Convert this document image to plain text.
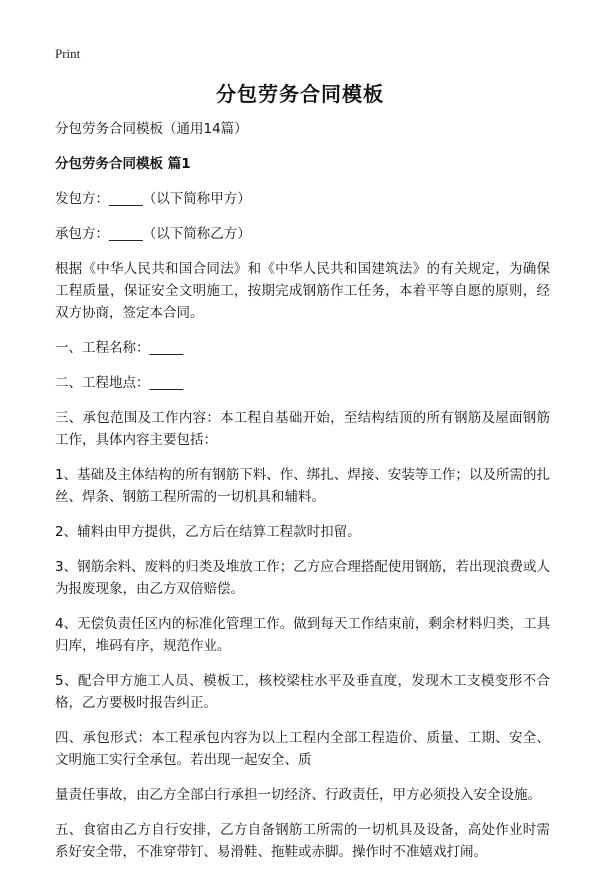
Print
分包劳务合同模板

分包劳务合同模板（通用14篇）

分包劳务合同模板 篇1

发包方：_____（以下简称甲方）

承包方：_____（以下简称乙方）

根据《中华人民共和国合同法》和《中华人民共和国建筑法》的有关规定，为确保工程质量，保证安全文明施工，按期完成钢筋作工任务，本着平等自愿的原则，经双方协商，签定本合同。

一、工程名称：_____

二、工程地点：_____

三、承包范围及工作内容：本工程自基础开始，至结构结顶的所有钢筋及屋面钢筋工作，具体内容主要包括：

1、基础及主体结构的所有钢筋下料、作、绑扎、焊接、安装等工作；以及所需的扎丝、焊条、钢筋工程所需的一切机具和辅料。

2、辅料由甲方提供，乙方后在结算工程款时扣留。

3、钢筋余料、废料的归类及堆放工作；乙方应合理搭配使用钢筋，若出现浪费或人为报废现象，由乙方双倍赔偿。

4、无偿负责任区内的标准化管理工作。做到每天工作结束前，剩余材料归类，工具归库，堆码有序，规范作业。

5、配合甲方施工人员、模板工，核校梁柱水平及垂直度，发现木工支模变形不合格，乙方要极时报告纠正。

四、承包形式：本工程承包内容为以上工程内全部工程造价、质量、工期、安全、文明施工实行全承包。若出现一起安全、质

量责任事故，由乙方全部白行承担一切经济、行政责任，甲方必须投入安全设施。

五、食宿由乙方自行安排，乙方自备钢筋工所需的一切机具及设备，高处作业时需系好安全带，不准穿带钉、易滑鞋、拖鞋或赤脚。操作时不准嬉戏打闹。
